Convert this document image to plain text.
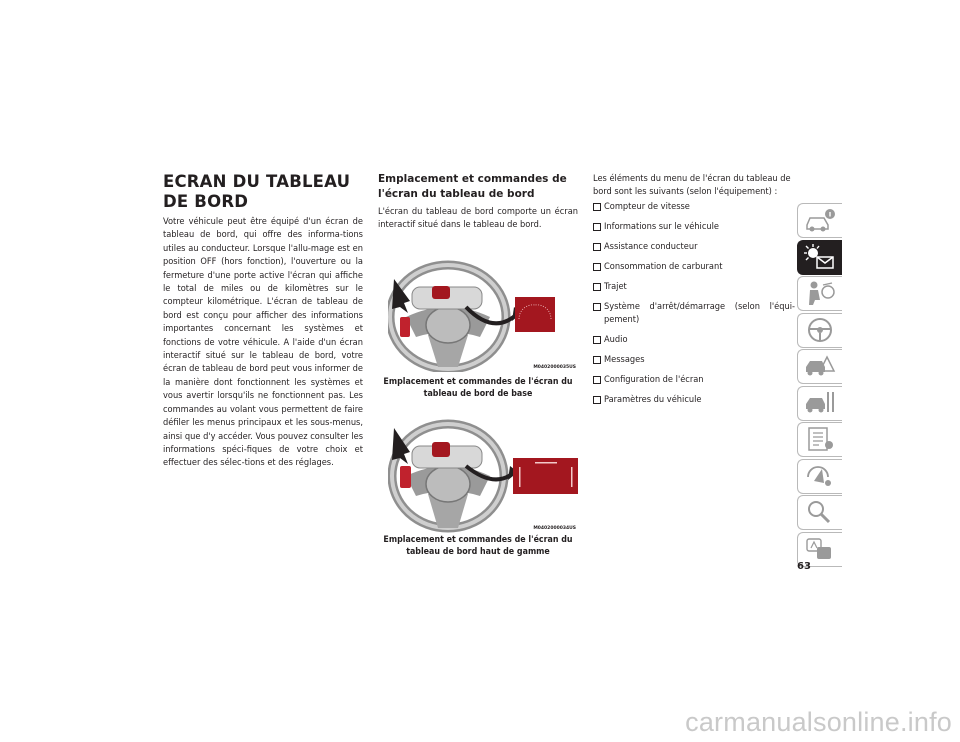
ECRAN DU TABLEAU DE BORD

Votre véhicule peut être équipé d'un écran de tableau de bord, qui offre des informa-tions utiles au conducteur. Lorsque l'allu-mage est en position OFF (hors fonction), l'ouverture ou la fermeture d'une porte active l'écran qui affiche le total de miles ou de kilomètres sur le compteur kilométrique. L'écran de tableau de bord est conçu pour afficher des informations importantes concernant les systèmes et fonctions de votre véhicule. A l'aide d'un écran interactif situé sur le tableau de bord, votre écran de tableau de bord peut vous informer de la manière dont fonctionnent les systèmes et vous avertir lorsqu'ils ne fonctionnent pas. Les commandes au volant vous permettent de faire défiler les menus principaux et les sous-menus, ainsi que d'y accéder. Vous pouvez consulter les informations spéci-fiques de votre choix et effectuer des sélec-tions et des réglages.

Emplacement et commandes de l'écran du tableau de bord

L'écran du tableau de bord comporte un écran interactif situé dans le tableau de bord.

M0402000035US

Emplacement et commandes de l'écran du tableau de bord de base

M0402000034US

Emplacement et commandes de l'écran du tableau de bord haut de gamme

Les éléments du menu de l'écran du tableau de bord sont les suivants (selon l'équipement) :

Compteur de vitesse
Informations sur le véhicule
Assistance conducteur
Consommation de carburant
Trajet
Système d'arrêt/démarrage (selon l'équi-pement)
Audio
Messages
Configuration de l'écran
Paramètres du véhicule

63

carmanualsonline.info
